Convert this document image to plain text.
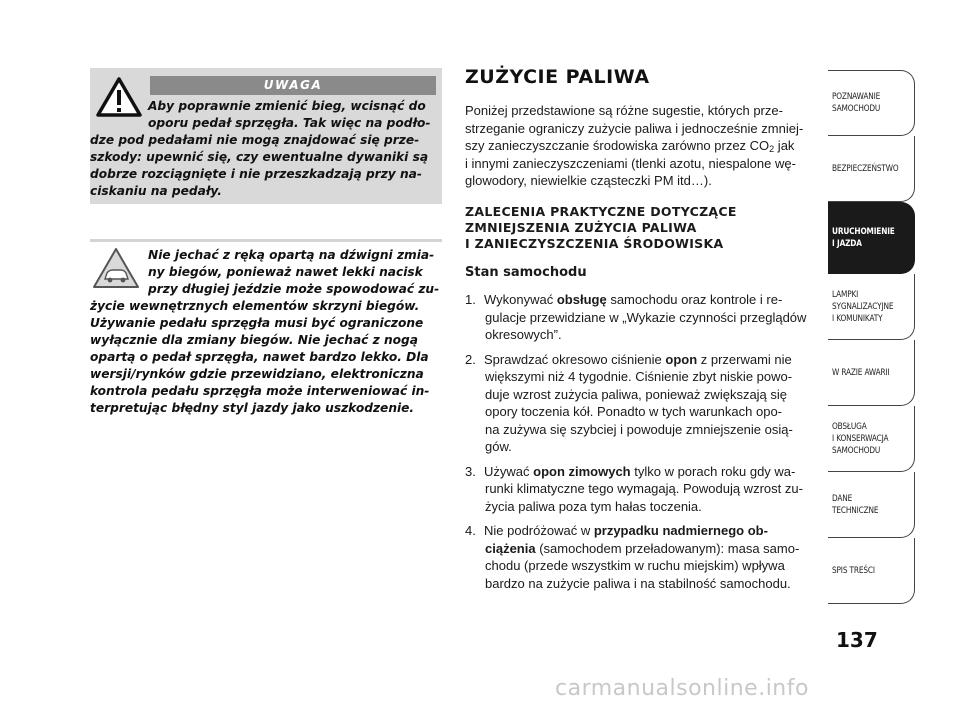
UWAGA
Aby poprawnie zmienić bieg, wcisnąć do
oporu pedał sprzęgła. Tak więc na podło-
dze pod pedałami nie mogą znajdować się prze-
szkody: upewnić się, czy ewentualne dywaniki są
dobrze rozciągnięte i nie przeszkadzają przy na-
ciskaniu na pedały.
Nie jechać z ręką opartą na dźwigni zmia-
ny biegów, ponieważ nawet lekki nacisk
przy długiej jeździe może spowodować zu-
życie wewnętrznych elementów skrzyni biegów.
Używanie pedału sprzęgła musi być ograniczone
wyłącznie dla zmiany biegów. Nie jechać z nogą
opartą o pedał sprzęgła, nawet bardzo lekko. Dla
wersji/rynków gdzie przewidziano, elektroniczna
kontrola pedału sprzęgła może interweniować in-
terpretując błędny styl jazdy jako uszkodzenie.
ZUŻYCIE PALIWA
Poniżej przedstawione są różne sugestie, których prze-
strzeganie ograniczy zużycie paliwa i jednocześnie zmniej-
szy zanieczyszczanie środowiska zarówno przez $CO_2$ jak
i innymi zanieczyszczeniami (tlenki azotu, niespalone wę-
glowodory, niewielkie cząsteczki PM itd…).
ZALECENIA PRAKTYCZNE DOTYCZĄCE
ZMNIEJSZENIA ZUŻYCIA PALIWA
I ZANIECZYSZCZENIA ŚRODOWISKA
Stan samochodu
1. Wykonywać obsługę samochodu oraz kontrole i re-
gulacje przewidziane w „Wykazie czynności przeglądów
okresowych”.
2. Sprawdzać okresowo ciśnienie opon z przerwami nie
większymi niż 4 tygodnie. Ciśnienie zbyt niskie powo-
duje wzrost zużycia paliwa, ponieważ zwiększają się
opory toczenia kół. Ponadto w tych warunkach opo-
na zużywa się szybciej i powoduje zmniejszenie osią-
gów.
3. Używać opon zimowych tylko w porach roku gdy wa-
runki klimatyczne tego wymagają. Powodują wzrost zu-
życia paliwa poza tym hałas toczenia.
4. Nie podróżować w przypadku nadmiernego ob-
ciążenia (samochodem przeładowanym): masa samo-
chodu (przede wszystkim w ruchu miejskim) wpływa
bardzo na zużycie paliwa i na stabilność samochodu.
POZNAWANIE
SAMOCHODU
BEZPIECZEŃSTWO
URUCHOMIENIE
I JAZDA
LAMPKI
SYGNALIZACYJNE
I KOMUNIKATY
W RAZIE AWARII
OBSŁUGA
I KONSERWACJA
SAMOCHODU
DANE
TECHNICZNE
SPIS TREŚCI
137
carmanualsonline.info
